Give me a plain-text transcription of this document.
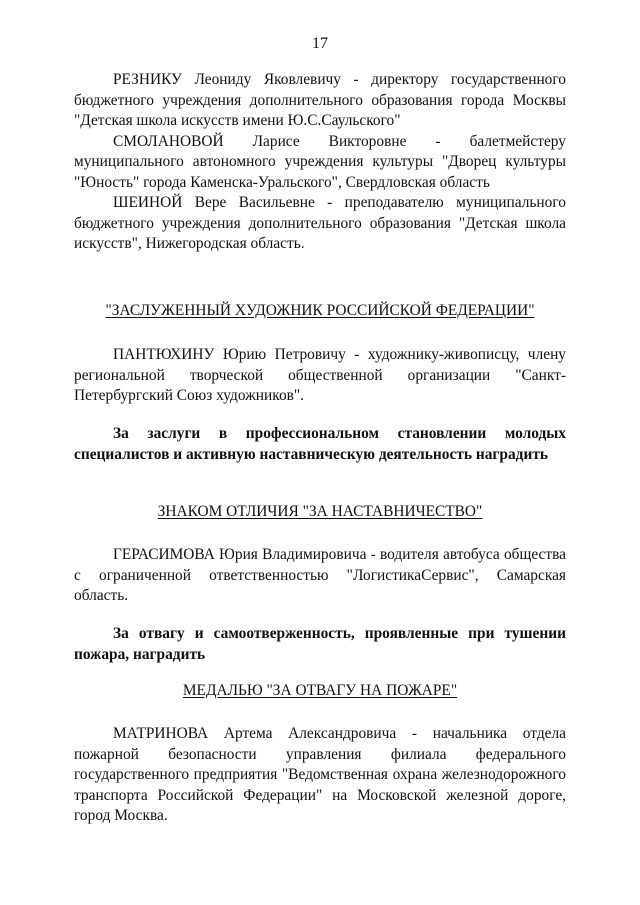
17

РЕЗНИКУ Леониду Яковлевичу - директору государственного бюджетного учреждения дополнительного образования города Москвы "Детская школа искусств имени Ю.С.Саульского"

СМОЛАНОВОЙ Ларисе Викторовне - балетмейстеру муниципального автономного учреждения культуры "Дворец культуры "Юность" города Каменска-Уральского", Свердловская область

ШЕИНОЙ Вере Васильевне - преподавателю муниципального бюджетного учреждения дополнительного образования "Детская школа искусств", Нижегородская область.

"ЗАСЛУЖЕННЫЙ ХУДОЖНИК РОССИЙСКОЙ ФЕДЕРАЦИИ"

ПАНТЮХИНУ Юрию Петровичу - художнику-живописцу, члену региональной творческой общественной организации "Санкт-Петербургский Союз художников".

За заслуги в профессиональном становлении молодых специалистов и активную наставническую деятельность наградить

ЗНАКОМ ОТЛИЧИЯ "ЗА НАСТАВНИЧЕСТВО"

ГЕРАСИМОВА Юрия Владимировича - водителя автобуса общества с ограниченной ответственностью "ЛогистикаСервис", Самарская область.

За отвагу и самоотверженность, проявленные при тушении пожара, наградить

МЕДАЛЬЮ "ЗА ОТВАГУ НА ПОЖАРЕ"

МАТРИНОВА Артема Александровича - начальника отдела пожарной безопасности управления филиала федерального государственного предприятия "Ведомственная охрана железнодорожного транспорта Российской Федерации" на Московской железной дороге, город Москва.
